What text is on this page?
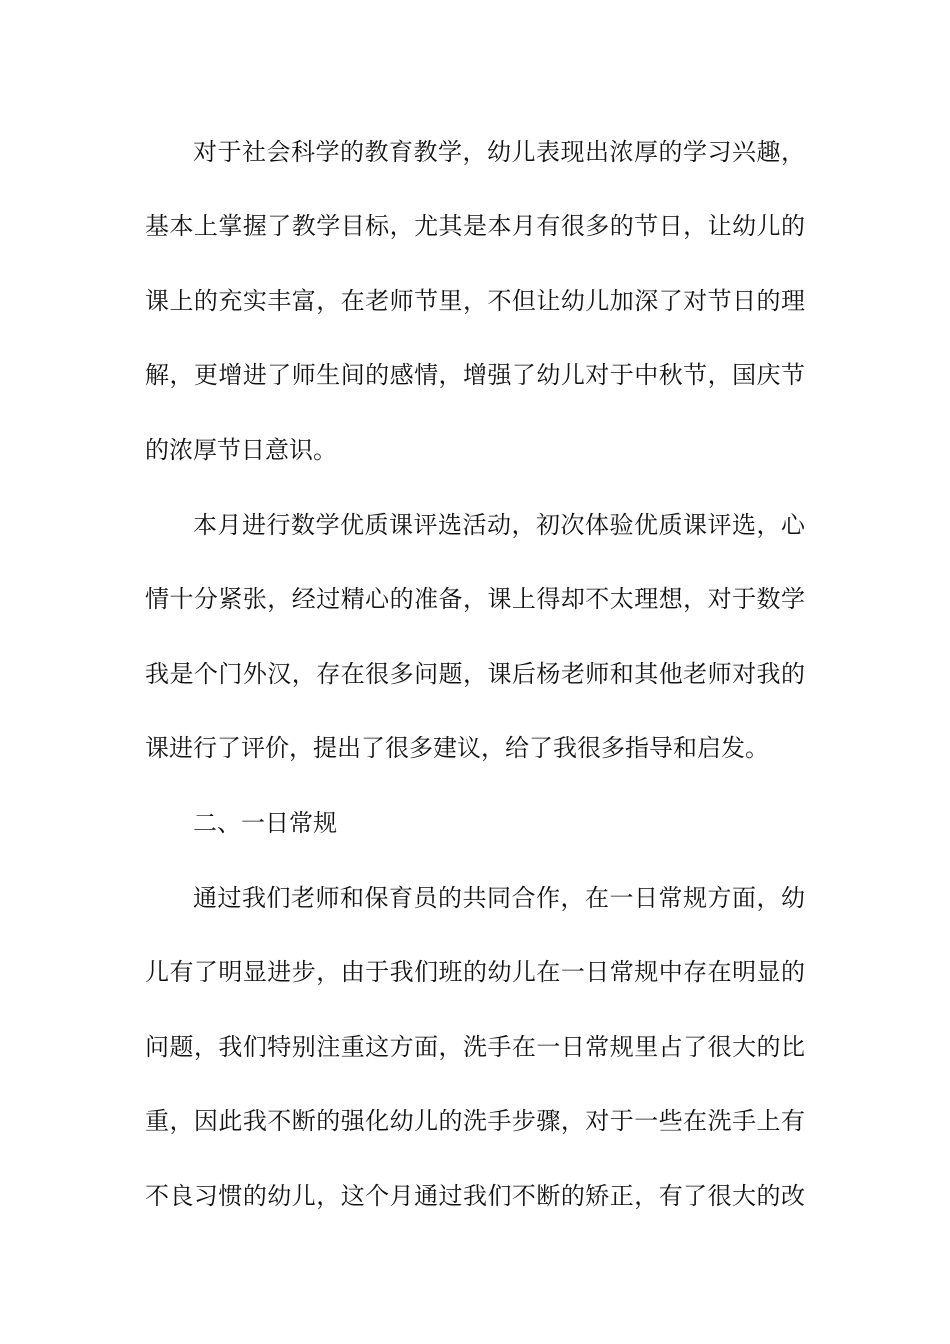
对于社会科学的教育教学，幼儿表现出浓厚的学习兴趣，
基本上掌握了教学目标，尤其是本月有很多的节日，让幼儿的
课上的充实丰富，在老师节里，不但让幼儿加深了对节日的理
解，更增进了师生间的感情，增强了幼儿对于中秋节，国庆节
的浓厚节日意识。
本月进行数学优质课评选活动，初次体验优质课评选，心
情十分紧张，经过精心的准备，课上得却不太理想，对于数学
我是个门外汉，存在很多问题，课后杨老师和其他老师对我的
课进行了评价，提出了很多建议，给了我很多指导和启发。
二、一日常规
通过我们老师和保育员的共同合作，在一日常规方面，幼
儿有了明显进步，由于我们班的幼儿在一日常规中存在明显的
问题，我们特别注重这方面，洗手在一日常规里占了很大的比
重，因此我不断的强化幼儿的洗手步骤，对于一些在洗手上有
不良习惯的幼儿，这个月通过我们不断的矫正，有了很大的改
